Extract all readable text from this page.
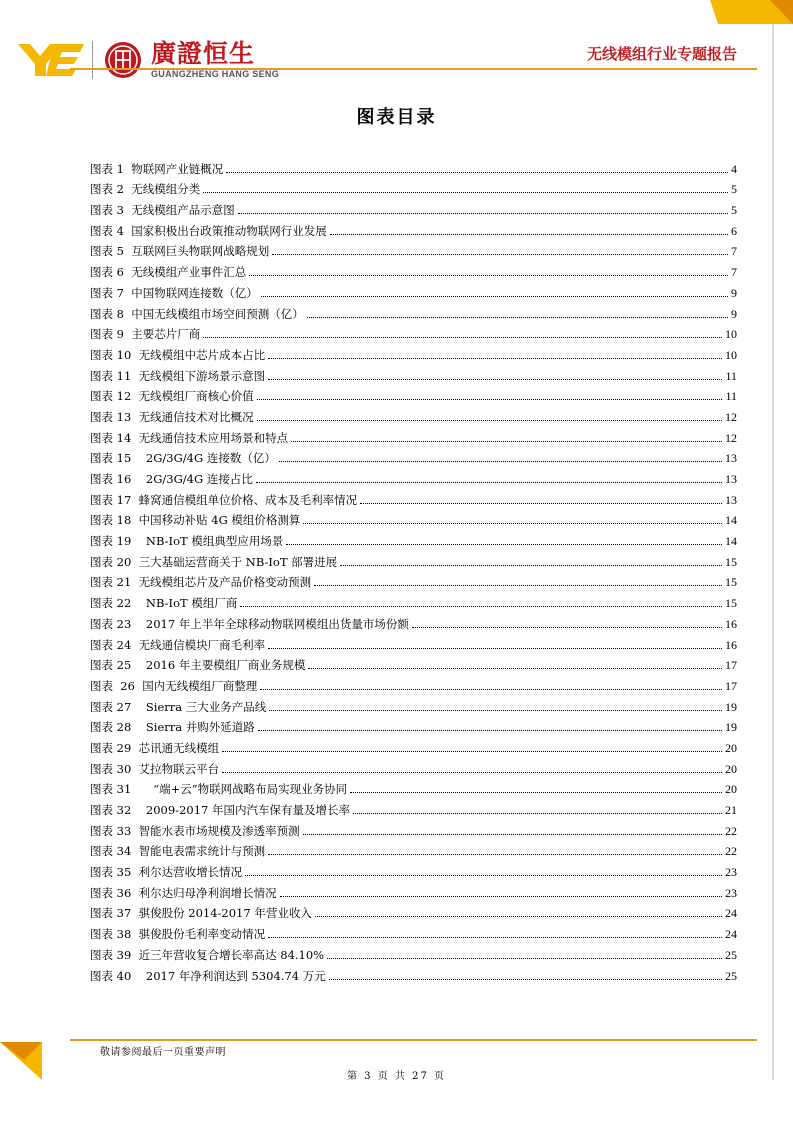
廣證恒生
GUANGZHENG HANG SENG
无线模组行业专题报告
图表目录
图表 1  物联网产业链概况	4
图表 2  无线模组分类	5
图表 3  无线模组产品示意图	5
图表 4  国家积极出台政策推动物联网行业发展	6
图表 5  互联网巨头物联网战略规划	7
图表 6  无线模组产业事件汇总	7
图表 7  中国物联网连接数（亿）	9
图表 8  中国无线模组市场空间预测（亿）	9
图表 9  主要芯片厂商	10
图表 10  无线模组中芯片成本占比	10
图表 11  无线模组下游场景示意图	11
图表 12  无线模组厂商核心价值	11
图表 13  无线通信技术对比概况	12
图表 14  无线通信技术应用场景和特点	12
图表 15    2G/3G/4G 连接数（亿）	13
图表 16    2G/3G/4G 连接占比	13
图表 17  蜂窝通信模组单位价格、成本及毛利率情况	13
图表 18  中国移动补贴 4G 模组价格测算	14
图表 19    NB-IoT 模组典型应用场景	14
图表 20  三大基础运营商关于 NB-IoT 部署进展	15
图表 21  无线模组芯片及产品价格变动预测	15
图表 22    NB-IoT 模组厂商	15
图表 23    2017 年上半年全球移动物联网模组出货量市场份额	16
图表 24  无线通信模块厂商毛利率	16
图表 25    2016 年主要模组厂商业务规模	17
图表  26  国内无线模组厂商整理	17
图表 27    Sierra 三大业务产品线	19
图表 28    Sierra 并购外延道路	19
图表 29  芯讯通无线模组	20
图表 30  艾拉物联云平台	20
图表 31      “端+云”物联网战略布局实现业务协同	20
图表 32    2009-2017 年国内汽车保有量及增长率	21
图表 33  智能水表市场规模及渗透率预测	22
图表 34  智能电表需求统计与预测	22
图表 35  利尔达营收增长情况	23
图表 36  利尔达归母净利润增长情况	23
图表 37  骐俊股份 2014-2017 年营业收入	24
图表 38  骐俊股份毛利率变动情况	24
图表 39  近三年营收复合增长率高达 84.10%	25
图表 40    2017 年净利润达到 5304.74 万元	25
敬请参阅最后一页重要声明
第 3 页 共 27 页
